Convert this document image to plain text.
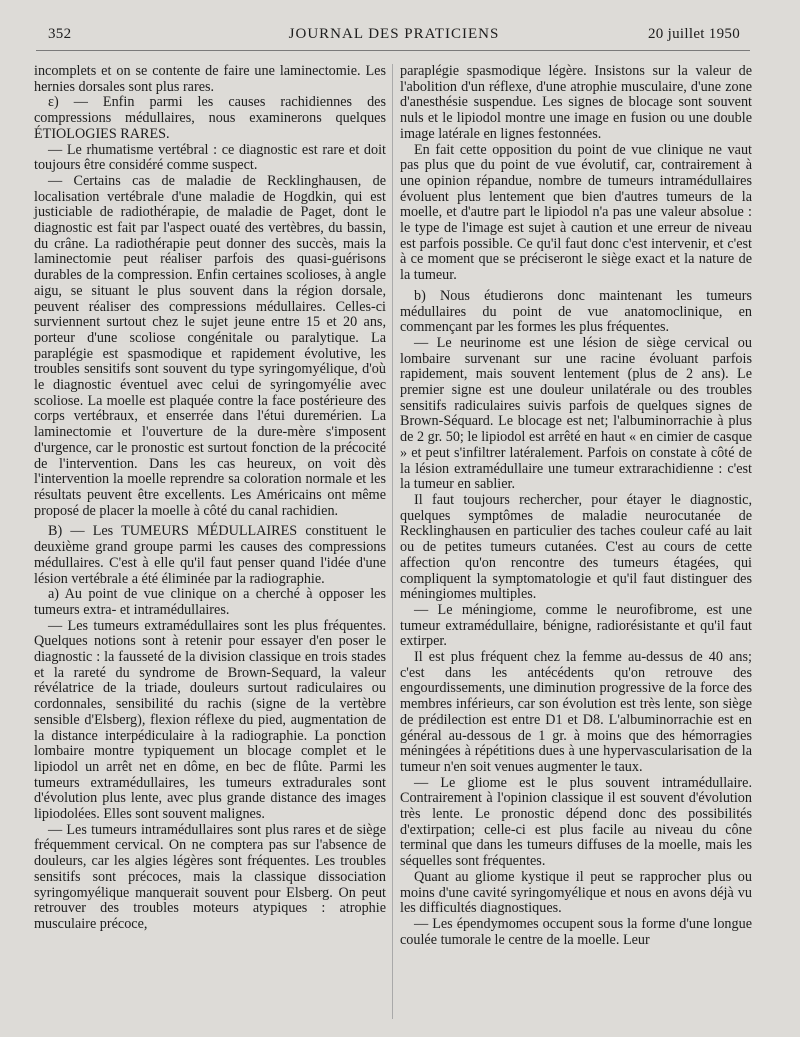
352	JOURNAL DES PRATICIENS	20 juillet 1950

incomplets et on se contente de faire une laminectomie. Les hernies dorsales sont plus rares.

ε) — Enfin parmi les causes rachidiennes des compressions médullaires, nous examinerons quelques ÉTIOLOGIES RARES.

— Le rhumatisme vertébral : ce diagnostic est rare et doit toujours être considéré comme suspect.

— Certains cas de maladie de Recklinghausen, de localisation vertébrale d'une maladie de Hogdkin, qui est justiciable de radiothérapie, de maladie de Paget, dont le diagnostic est fait par l'aspect ouaté des vertèbres, du bassin, du crâne. La radiothérapie peut donner des succès, mais la laminectomie peut réaliser parfois des quasi-guérisons durables de la compression. Enfin certaines scolioses, à angle aigu, se situant le plus souvent dans la région dorsale, peuvent réaliser des compressions médullaires. Celles-ci surviennent surtout chez le sujet jeune entre 15 et 20 ans, porteur d'une scoliose congénitale ou paralytique. La paraplégie est spasmodique et rapidement évolutive, les troubles sensitifs sont souvent du type syringomyélique, d'où le diagnostic éventuel avec celui de syringomyélie avec scoliose. La moelle est plaquée contre la face postérieure des corps vertébraux, et enserrée dans l'étui duremérien. La laminectomie et l'ouverture de la dure-mère s'imposent d'urgence, car le pronostic est surtout fonction de la précocité de l'intervention. Dans les cas heureux, on voit dès l'intervention la moelle reprendre sa coloration normale et les résultats peuvent être excellents. Les Américains ont même proposé de placer la moelle à côté du canal rachidien.

B) — Les TUMEURS MÉDULLAIRES constituent le deuxième grand groupe parmi les causes des compressions médullaires. C'est à elle qu'il faut penser quand l'idée d'une lésion vertébrale a été éliminée par la radiographie.

a) Au point de vue clinique on a cherché à opposer les tumeurs extra- et intramédullaires.

— Les tumeurs extramédullaires sont les plus fréquentes. Quelques notions sont à retenir pour essayer d'en poser le diagnostic : la fausseté de la division classique en trois stades et la rareté du syndrome de Brown-Sequard, la valeur révélatrice de la triade, douleurs surtout radiculaires ou cordonnales, sensibilité du rachis (signe de la vertèbre sensible d'Elsberg), flexion réflexe du pied, augmentation de la distance interpédiculaire à la radiographie. La ponction lombaire montre typiquement un blocage complet et le lipiodol un arrêt net en dôme, en bec de flûte. Parmi les tumeurs extramédullaires, les tumeurs extradurales sont d'évolution plus lente, avec plus grande distance des images lipiodolées. Elles sont souvent malignes.

— Les tumeurs intramédullaires sont plus rares et de siège fréquemment cervical. On ne comptera pas sur l'absence de douleurs, car les algies légères sont fréquentes. Les troubles sensitifs sont précoces, mais la classique dissociation syringomyélique manquerait souvent pour Elsberg. On peut retrouver des troubles moteurs atypiques : atrophie musculaire précoce,

paraplégie spasmodique légère. Insistons sur la valeur de l'abolition d'un réflexe, d'une atrophie musculaire, d'une zone d'anesthésie suspendue. Les signes de blocage sont souvent nuls et le lipiodol montre une image en fusion ou une double image latérale en lignes festonnées.

En fait cette opposition du point de vue clinique ne vaut pas plus que du point de vue évolutif, car, contrairement à une opinion répandue, nombre de tumeurs intramédullaires évoluent plus lentement que bien d'autres tumeurs de la moelle, et d'autre part le lipiodol n'a pas une valeur absolue : le type de l'image est sujet à caution et une erreur de niveau est parfois possible. Ce qu'il faut donc c'est intervenir, et c'est à ce moment que se préciseront le siège exact et la nature de la tumeur.

b) Nous étudierons donc maintenant les tumeurs médullaires du point de vue anatomoclinique, en commençant par les formes les plus fréquentes.

— Le neurinome est une lésion de siège cervical ou lombaire survenant sur une racine évoluant parfois rapidement, mais souvent lentement (plus de 2 ans). Le premier signe est une douleur unilatérale ou des troubles sensitifs radiculaires suivis parfois de quelques signes de Brown-Séquard. Le blocage est net; l'albuminorrachie à plus de 2 gr. 50; le lipiodol est arrêté en haut « en cimier de casque » et peut s'infiltrer latéralement. Parfois on constate à côté de la lésion extramédullaire une tumeur extrarachidienne : c'est la tumeur en sablier.

Il faut toujours rechercher, pour étayer le diagnostic, quelques symptômes de maladie neurocutanée de Recklinghausen en particulier des taches couleur café au lait ou de petites tumeurs cutanées. C'est au cours de cette affection qu'on rencontre des tumeurs étagées, qui compliquent la symptomatologie et qu'il faut distinguer des méningiomes multiples.

— Le méningiome, comme le neurofibrome, est une tumeur extramédullaire, bénigne, radiorésistante et qu'il faut extirper.

Il est plus fréquent chez la femme au-dessus de 40 ans; c'est dans les antécédents qu'on retrouve des engourdissements, une diminution progressive de la force des membres inférieurs, car son évolution est très lente, son siège de prédilection est entre D1 et D8. L'albuminorrachie est en général au-dessous de 1 gr. à moins que des hémorragies méningées à répétitions dues à une hypervascularisation de la tumeur n'en soit venues augmenter le taux.

— Le gliome est le plus souvent intramédullaire. Contrairement à l'opinion classique il est souvent d'évolution très lente. Le pronostic dépend donc des possibilités d'extirpation; celle-ci est plus facile au niveau du cône terminal que dans les tumeurs diffuses de la moelle, mais les séquelles sont fréquentes.

Quant au gliome kystique il peut se rapprocher plus ou moins d'une cavité syringomyélique et nous en avons déjà vu les difficultés diagnostiques.

— Les épendymomes occupent sous la forme d'une longue coulée tumorale le centre de la moelle. Leur
